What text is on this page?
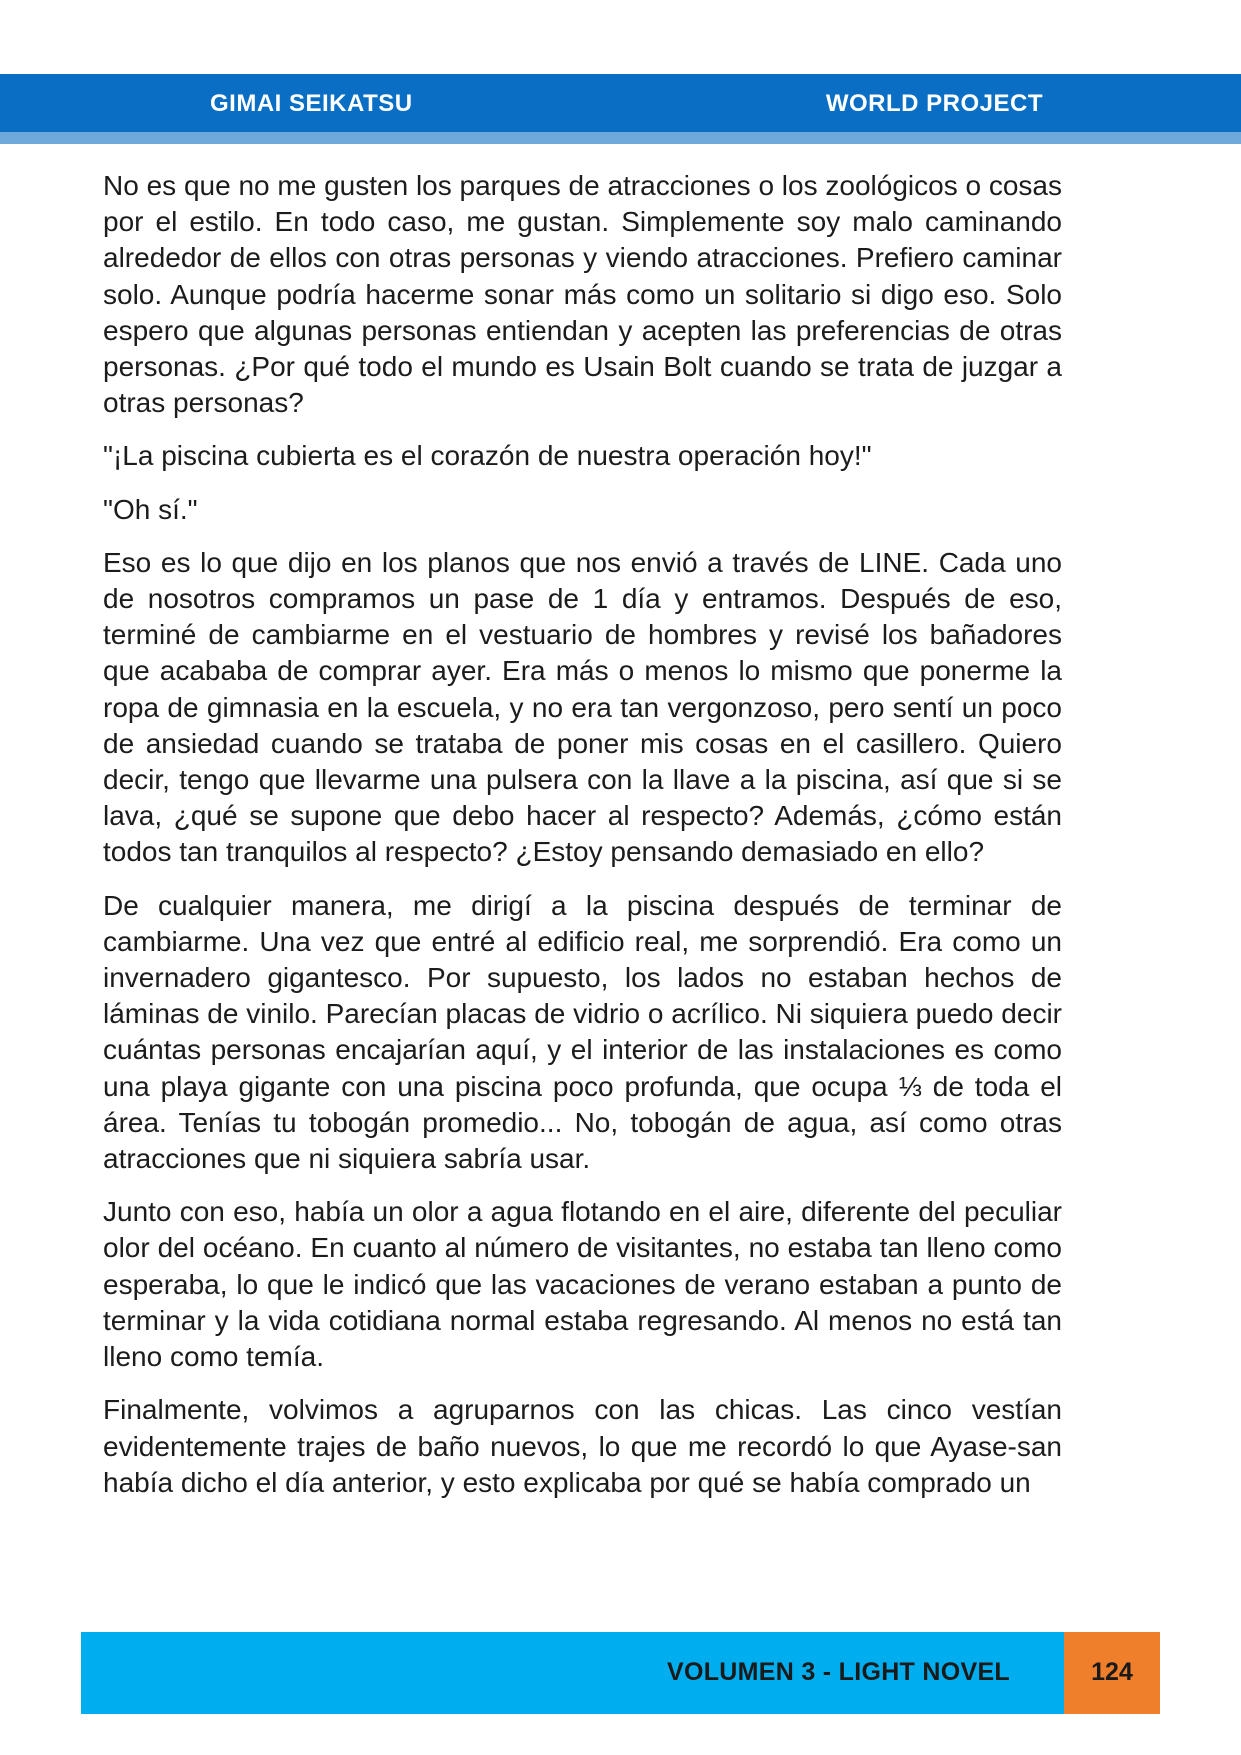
GIMAI SEIKATSU	WORLD PROJECT

No es que no me gusten los parques de atracciones o los zoológicos o cosas por el estilo. En todo caso, me gustan. Simplemente soy malo caminando alrededor de ellos con otras personas y viendo atracciones. Prefiero caminar solo. Aunque podría hacerme sonar más como un solitario si digo eso. Solo espero que algunas personas entiendan y acepten las preferencias de otras personas. ¿Por qué todo el mundo es Usain Bolt cuando se trata de juzgar a otras personas?

"¡La piscina cubierta es el corazón de nuestra operación hoy!"

"Oh sí."

Eso es lo que dijo en los planos que nos envió a través de LINE. Cada uno de nosotros compramos un pase de 1 día y entramos. Después de eso, terminé de cambiarme en el vestuario de hombres y revisé los bañadores que acababa de comprar ayer. Era más o menos lo mismo que ponerme la ropa de gimnasia en la escuela, y no era tan vergonzoso, pero sentí un poco de ansiedad cuando se trataba de poner mis cosas en el casillero. Quiero decir, tengo que llevarme una pulsera con la llave a la piscina, así que si se lava, ¿qué se supone que debo hacer al respecto? Además, ¿cómo están todos tan tranquilos al respecto? ¿Estoy pensando demasiado en ello?

De cualquier manera, me dirigí a la piscina después de terminar de cambiarme. Una vez que entré al edificio real, me sorprendió. Era como un invernadero gigantesco. Por supuesto, los lados no estaban hechos de láminas de vinilo. Parecían placas de vidrio o acrílico. Ni siquiera puedo decir cuántas personas encajarían aquí, y el interior de las instalaciones es como una playa gigante con una piscina poco profunda, que ocupa ⅓ de toda el área. Tenías tu tobogán promedio... No, tobogán de agua, así como otras atracciones que ni siquiera sabría usar.

Junto con eso, había un olor a agua flotando en el aire, diferente del peculiar olor del océano. En cuanto al número de visitantes, no estaba tan lleno como esperaba, lo que le indicó que las vacaciones de verano estaban a punto de terminar y la vida cotidiana normal estaba regresando. Al menos no está tan lleno como temía.

Finalmente, volvimos a agruparnos con las chicas. Las cinco vestían evidentemente trajes de baño nuevos, lo que me recordó lo que Ayase-san había dicho el día anterior, y esto explicaba por qué se había comprado un

VOLUMEN 3 - LIGHT NOVEL	124
